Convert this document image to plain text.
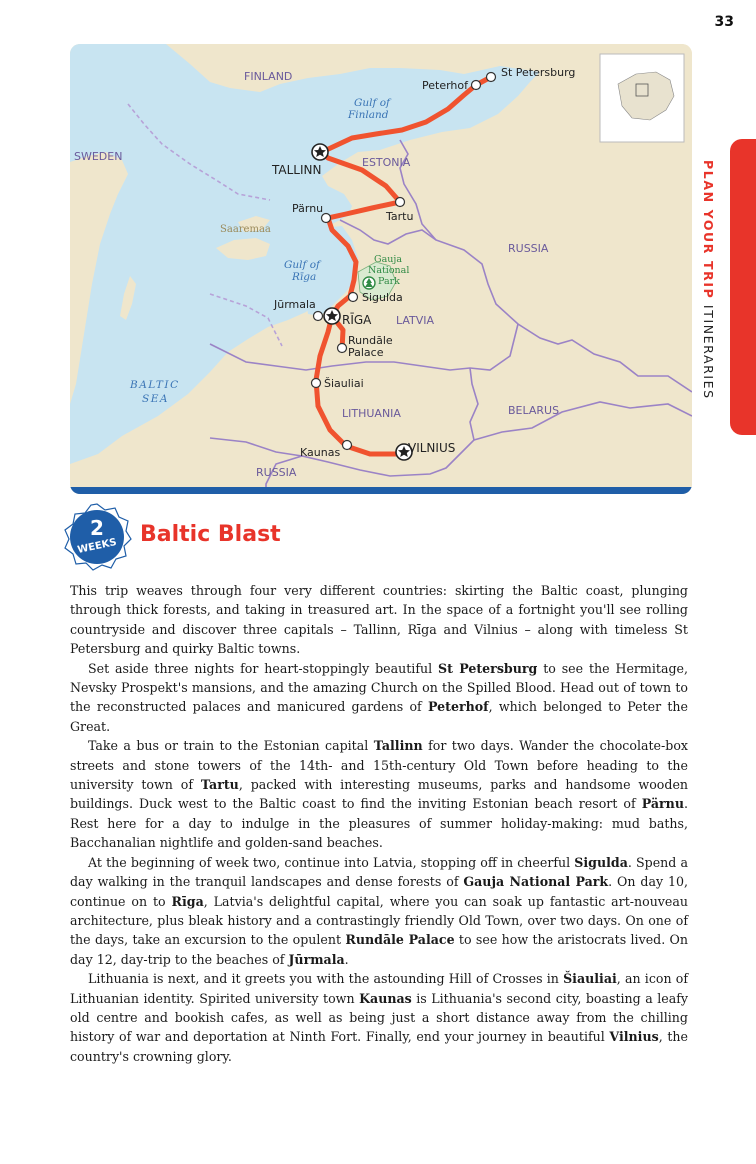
33
PLAN YOUR TRIP ITINERARIES
FINLAND
SWEDEN	ESTONIA
RUSSIA
LATVIA
LITHUANIA	BELARUS
RUSSIA
Gulf of
Finland
Gulf of
Rīga
BALTIC
SEA
Saaremaa
Gauja
National
Park
St Petersburg
Peterhof
TALLINN
Tartu
Pärnu
Sigulda
Jūrmala
RĪGA
Rundāle
Palace
Šiauliai
Kaunas	VILNIUS
2
WEEKS Baltic Blast

This trip weaves through four very different countries: skirting the Baltic coast, plunging through thick forests, and taking in treasured art. In the space of a fortnight you'll see rolling countryside and discover three capitals – Tallinn, Rīga and Vilnius – along with timeless St Petersburg and quirky Baltic towns.

Set aside three nights for heart-stoppingly beautiful St Petersburg to see the Hermitage, Nevsky Prospekt's mansions, and the amazing Church on the Spilled Blood. Head out of town to the reconstructed palaces and manicured gardens of Peterhof, which belonged to Peter the Great.

Take a bus or train to the Estonian capital Tallinn for two days. Wander the chocolate-box streets and stone towers of the 14th- and 15th-century Old Town before heading to the university town of Tartu, packed with interesting museums, parks and handsome wooden buildings. Duck west to the Baltic coast to find the inviting Estonian beach resort of Pärnu. Rest here for a day to indulge in the pleasures of summer holiday-making: mud baths, Bacchanalian nightlife and golden-sand beaches.

At the beginning of week two, continue into Latvia, stopping off in cheerful Sigulda. Spend a day walking in the tranquil landscapes and dense forests of Gauja National Park. On day 10, continue on to Rīga, Latvia's delightful capital, where you can soak up fantastic art-nouveau architecture, plus bleak history and a contrastingly friendly Old Town, over two days. On one of the days, take an excursion to the opulent Rundāle Palace to see how the aristocrats lived. On day 12, day-trip to the beaches of Jūrmala.

Lithuania is next, and it greets you with the astounding Hill of Crosses in Šiauliai, an icon of Lithuanian identity. Spirited university town Kaunas is Lithuania's second city, boasting a leafy old centre and bookish cafes, as well as being just a short distance away from the chilling history of war and deportation at Ninth Fort. Finally, end your journey in beautiful Vilnius, the country's crowning glory.
